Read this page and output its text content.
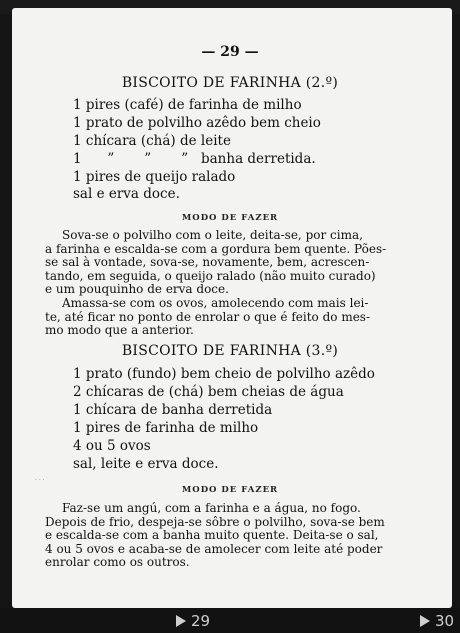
— 29 —
BISCOITO DE FARINHA (2.º)
1 pires (café) de farinha de milho
1 prato de polvilho azêdo bem cheio
1 chícara (chá) de leite
1      ”       ”       ”   banha derretida.
1 pires de queijo ralado
sal e erva doce.
MODO DE FAZER
Sova-se o polvilho com o leite, deita-se, por cima,
a farinha e escalda-se com a gordura bem quente. Pões-
se sal à vontade, sova-se, novamente, bem, acrescen-
tando, em seguida, o queijo ralado (não muito curado)
e um pouquinho de erva doce.
Amassa-se com os ovos, amolecendo com mais lei-
te, até ficar no ponto de enrolar o que é feito do mes-
mo modo que a anterior.
BISCOITO DE FARINHA (3.º)
1 prato (fundo) bem cheio de polvilho azêdo
2 chícaras de (chá) bem cheias de água
1 chícara de banha derretida
1 pires de farinha de milho
4 ou 5 ovos
sal, leite e erva doce.
· · ·
MODO DE FAZER
Faz-se um angú, com a farinha e a água, no fogo.
Depois de frio, despeja-se sôbre o polvilho, sova-se bem
e escalda-se com a banha muito quente. Deita-se o sal,
4 ou 5 ovos e acaba-se de amolecer com leite até poder
enrolar como os outros.
29	30
